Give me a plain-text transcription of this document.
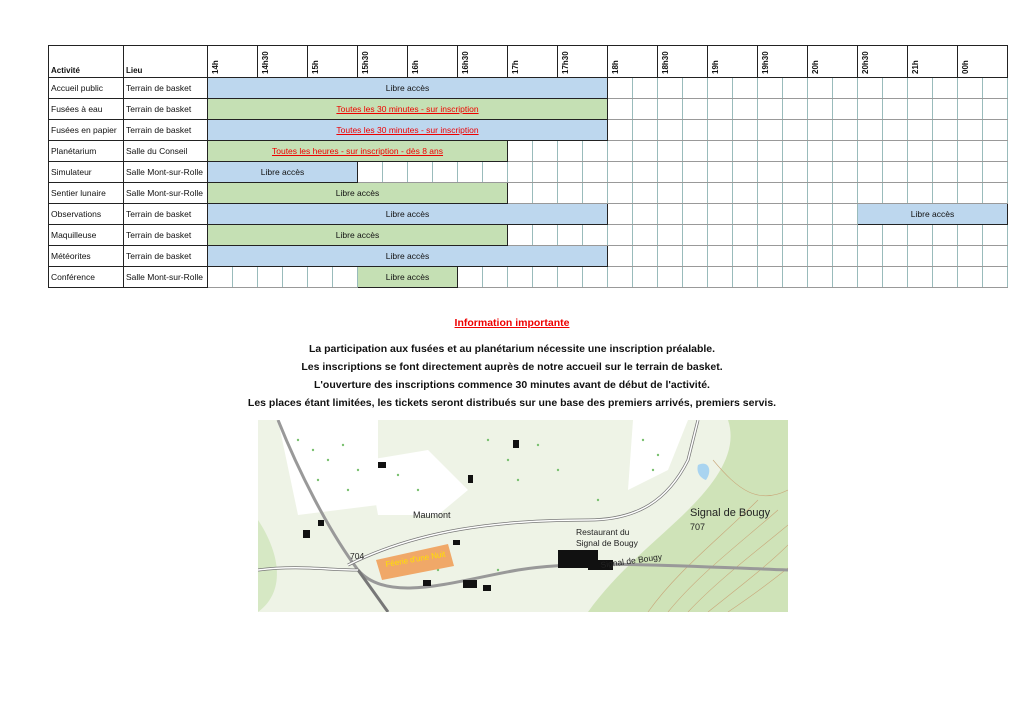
Activité	Lieu	14h		14h30		15h		15h30		16h		16h30		17h		17h30		18h		18h30		19h		19h30		20h		20h30		21h		00h	

Accueil public	Terrain de basket	Libre accès																															
Fusées à eau	Terrain de basket	Toutes les 30 minutes - sur inscription																															
Fusées en papier	Terrain de basket	Toutes les 30 minutes - sur inscription																															
Planétarium	Salle du Conseil	Toutes les heures - sur inscription - dès 8 ans																															
Simulateur	Salle Mont-sur-Rolle	Libre accès																															
Sentier lunaire	Salle Mont-sur-Rolle	Libre accès																															
Observations	Terrain de basket	Libre accès																										Libre accès					
Maquilleuse	Terrain de basket	Libre accès																															
Météorites	Terrain de basket	Libre accès																															
Conférence	Salle Mont-sur-Rolle							Libre accès																									
Information importante
La participation aux fusées et au planétarium nécessite une inscription préalable.
Les inscriptions se font directement auprès de notre accueil sur le terrain de basket.
L'ouverture des inscriptions commence 30 minutes avant de début de l'activité.
Les places étant limitées, les tickets seront distribués sur une base des premiers arrivés, premiers servis.
Féerie d'une Nuit
Maumont
Restaurant du
Signal de Bougy
Signal de Bougy
Signal de Bougy
707
704
